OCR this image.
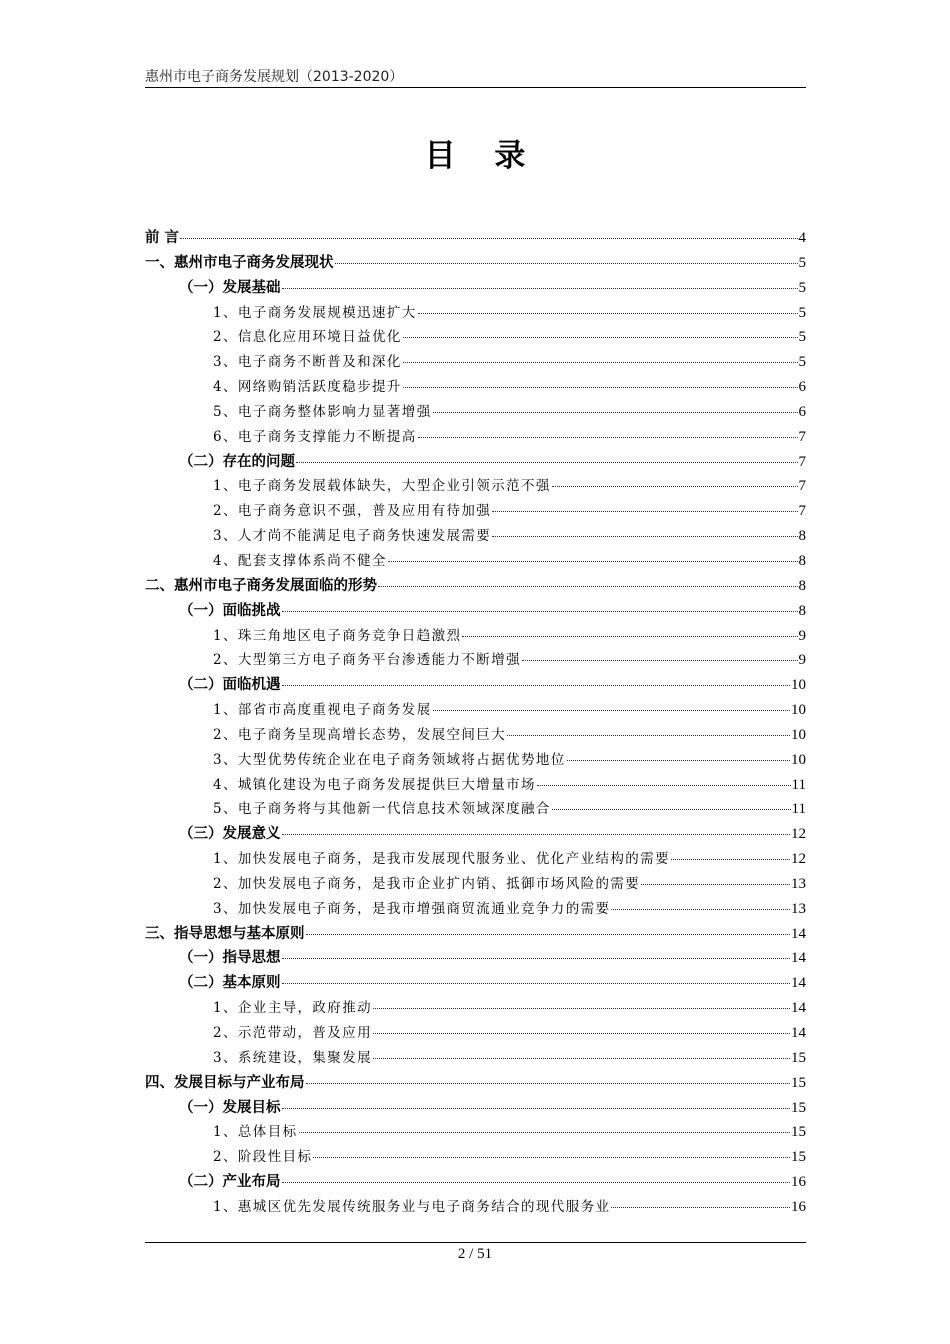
惠州市电子商务发展规划（2013-2020）
目 录
前 言	4
一、惠州市电子商务发展现状	5
（一）发展基础	5
1、电子商务发展规模迅速扩大	5
2、信息化应用环境日益优化	5
3、电子商务不断普及和深化	5
4、网络购销活跃度稳步提升	6
5、电子商务整体影响力显著增强	6
6、电子商务支撑能力不断提高	7
（二）存在的问题	7
1、电子商务发展载体缺失，大型企业引领示范不强	7
2、电子商务意识不强，普及应用有待加强	7
3、人才尚不能满足电子商务快速发展需要	8
4、配套支撑体系尚不健全	8
二、惠州市电子商务发展面临的形势	8
（一）面临挑战	8
1、珠三角地区电子商务竞争日趋激烈	9
2、大型第三方电子商务平台渗透能力不断增强	9
（二）面临机遇	10
1、部省市高度重视电子商务发展	10
2、电子商务呈现高增长态势，发展空间巨大	10
3、大型优势传统企业在电子商务领域将占据优势地位	10
4、城镇化建设为电子商务发展提供巨大增量市场	11
5、电子商务将与其他新一代信息技术领域深度融合	11
（三）发展意义	12
1、加快发展电子商务，是我市发展现代服务业、优化产业结构的需要	12
2、加快发展电子商务，是我市企业扩内销、抵御市场风险的需要	13
3、加快发展电子商务，是我市增强商贸流通业竞争力的需要	13
三、指导思想与基本原则	14
（一）指导思想	14
（二）基本原则	14
1、企业主导，政府推动	14
2、示范带动，普及应用	14
3、系统建设，集聚发展	15
四、发展目标与产业布局	15
（一）发展目标	15
1、总体目标	15
2、阶段性目标	15
（二）产业布局	16
1、惠城区优先发展传统服务业与电子商务结合的现代服务业	16
2 / 51
